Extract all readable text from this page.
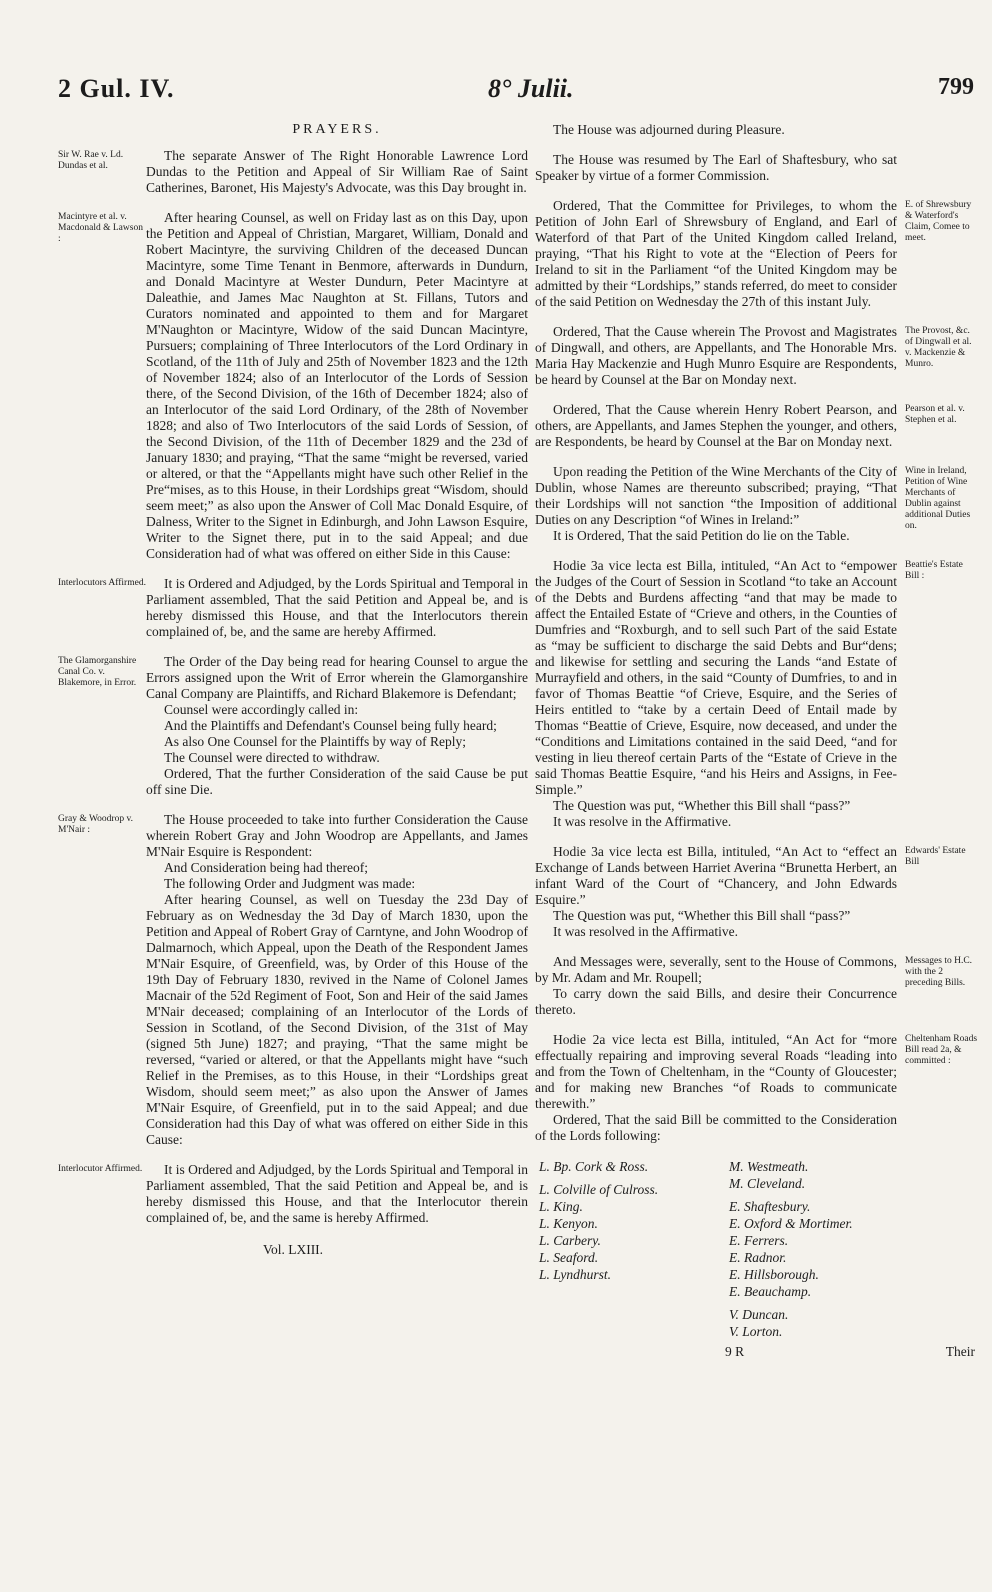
2 Gul. IV.	8° Julii.	799
PRAYERS.
Sir W. Rae v. Ld. Dundas et al.

The separate Answer of The Right Honorable Lawrence Lord Dundas to the Petition and Appeal of Sir William Rae of Saint Catherines, Baronet, His Majesty's Advocate, was this Day brought in.

Macintyre et al. v. Macdonald & Lawson :

After hearing Counsel, as well on Friday last as on this Day, upon the Petition and Appeal of Christian, Margaret, William, Donald and Robert Macintyre, the surviving Children of the deceased Duncan Macintyre, some Time Tenant in Benmore, afterwards in Dundurn, and Donald Macintyre at Wester Dundurn, Peter Macintyre at Daleathie, and James Mac Naughton at St. Fillans, Tutors and Curators nominated and appointed to them and for Margaret M'Naughton or Macintyre, Widow of the said Duncan Macintyre, Pursuers; complaining of Three Interlocutors of the Lord Ordinary in Scotland, of the 11th of July and 25th of November 1823 and the 12th of November 1824; also of an Interlocutor of the Lords of Session there, of the Second Division, of the 16th of December 1824; also of an Interlocutor of the said Lord Ordinary, of the 28th of November 1828; and also of Two Interlocutors of the said Lords of Session, of the Second Division, of the 11th of December 1829 and the 23d of January 1830; and praying, “That the same “might be reversed, varied or altered, or that the “Appellants might have such other Relief in the Pre“mises, as to this House, in their Lordships great “Wisdom, should seem meet;” as also upon the Answer of Coll Mac Donald Esquire, of Dalness, Writer to the Signet in Edinburgh, and John Lawson Esquire, Writer to the Signet there, put in to the said Appeal; and due Consideration had of what was offered on either Side in this Cause:

Interlocutors Affirmed.	It is Ordered and Adjudged, by the Lords Spiritual and Temporal in Parliament assembled, That the said Petition and Appeal be, and is hereby dismissed this House, and that the Interlocutors therein complained of, be, and the same are hereby Affirmed.

The Glamorganshire Canal Co. v. Blakemore, in Error.

The Order of the Day being read for hearing Counsel to argue the Errors assigned upon the Writ of Error wherein the Glamorganshire Canal Company are Plaintiffs, and Richard Blakemore is Defendant;

Counsel were accordingly called in:

And the Plaintiffs and Defendant's Counsel being fully heard;

As also One Counsel for the Plaintiffs by way of Reply;

The Counsel were directed to withdraw.

Ordered, That the further Consideration of the said Cause be put off sine Die.

Gray & Woodrop v. M'Nair :

The House proceeded to take into further Consideration the Cause wherein Robert Gray and John Woodrop are Appellants, and James M'Nair Esquire is Respondent:

And Consideration being had thereof;

The following Order and Judgment was made:

After hearing Counsel, as well on Tuesday the 23d Day of February as on Wednesday the 3d Day of March 1830, upon the Petition and Appeal of Robert Gray of Carntyne, and John Woodrop of Dalmarnoch, which Appeal, upon the Death of the Respondent James M'Nair Esquire, of Greenfield, was, by Order of this House of the 19th Day of February 1830, revived in the Name of Colonel James Macnair of the 52d Regiment of Foot, Son and Heir of the said James M'Nair deceased; complaining of an Interlocutor of the Lords of Session in Scotland, of the Second Division, of the 31st of May (signed 5th June) 1827; and praying, “That the same might be reversed, “varied or altered, or that the Appellants might have “such Relief in the Premises, as to this House, in their “Lordships great Wisdom, should seem meet;” as also upon the Answer of James M'Nair Esquire, of Greenfield, put in to the said Appeal; and due Consideration had this Day of what was offered on either Side in this Cause:

Interlocutor Affirmed.	It is Ordered and Adjudged, by the Lords Spiritual and Temporal in Parliament assembled, That the said Petition and Appeal be, and is hereby dismissed this House, and that the Interlocutor therein complained of, be, and the same is hereby Affirmed.

Vol. LXIII.

The House was adjourned during Pleasure.

The House was resumed by The Earl of Shaftesbury, who sat Speaker by virtue of a former Commission.

Ordered, That the Committee for Privileges, to whom the Petition of John Earl of Shrewsbury of England, and Earl of Waterford of that Part of the United Kingdom called Ireland, praying, “That his Right to vote at the “Election of Peers for Ireland to sit in the Parliament “of the United Kingdom may be admitted by their “Lordships,” stands referred, do meet to consider of the said Petition on Wednesday the 27th of this instant July.

E. of Shrewsbury & Waterford's Claim, Comee to meet.

Ordered, That the Cause wherein The Provost and Magistrates of Dingwall, and others, are Appellants, and The Honorable Mrs. Maria Hay Mackenzie and Hugh Munro Esquire are Respondents, be heard by Counsel at the Bar on Monday next.

The Provost, &c. of Dingwall et al. v. Mackenzie & Munro.

Ordered, That the Cause wherein Henry Robert Pearson, and others, are Appellants, and James Stephen the younger, and others, are Respondents, be heard by Counsel at the Bar on Monday next.

Pearson et al. v. Stephen et al.

Upon reading the Petition of the Wine Merchants of the City of Dublin, whose Names are thereunto subscribed; praying, “That their Lordships will not sanction “the Imposition of additional Duties on any Description “of Wines in Ireland:”

It is Ordered, That the said Petition do lie on the Table.

Wine in Ireland, Petition of Wine Merchants of Dublin against additional Duties on.

Hodie 3a vice lecta est Billa, intituled, “An Act to “empower the Judges of the Court of Session in Scotland “to take an Account of the Debts and Burdens affecting “and that may be made to affect the Entailed Estate of “Crieve and others, in the Counties of Dumfries and “Roxburgh, and to sell such Part of the said Estate as “may be sufficient to discharge the said Debts and Bur“dens; and likewise for settling and securing the Lands “and Estate of Murrayfield and others, in the said “County of Dumfries, to and in favor of Thomas Beattie “of Crieve, Esquire, and the Series of Heirs entitled to “take by a certain Deed of Entail made by Thomas “Beattie of Crieve, Esquire, now deceased, and under the “Conditions and Limitations contained in the said Deed, “and for vesting in lieu thereof certain Parts of the “Estate of Crieve in the said Thomas Beattie Esquire, “and his Heirs and Assigns, in Fee-Simple.”

The Question was put, “Whether this Bill shall “pass?”

It was resolve in the Affirmative.

Beattie's Estate Bill :

Hodie 3a vice lecta est Billa, intituled, “An Act to “effect an Exchange of Lands between Harriet Averina “Brunetta Herbert, an infant Ward of the Court of “Chancery, and John Edwards Esquire.”

The Question was put, “Whether this Bill shall “pass?”

It was resolved in the Affirmative.

Edwards' Estate Bill

And Messages were, severally, sent to the House of Commons, by Mr. Adam and Mr. Roupell;

To carry down the said Bills, and desire their Concurrence thereto.

Messages to H.C. with the 2 preceding Bills.

Hodie 2a vice lecta est Billa, intituled, “An Act for “more effectually repairing and improving several Roads “leading into and from the Town of Cheltenham, in the “County of Gloucester; and for making new Branches “of Roads to communicate therewith.”

Ordered, That the said Bill be committed to the Consideration of the Lords following:

Cheltenham Roads Bill read 2a, & committed :
L. Bp. Cork & Ross.

L. Colville of Culross.
L. King.
L. Kenyon.
L. Carbery.
L. Seaford.
L. Lyndhurst.
M. Westmeath.
M. Cleveland.

E. Shaftesbury.
E. Oxford & Mortimer.
E. Ferrers.
E. Radnor.
E. Hillsborough.
E. Beauchamp.

V. Duncan.
V. Lorton.
9 R	Their
